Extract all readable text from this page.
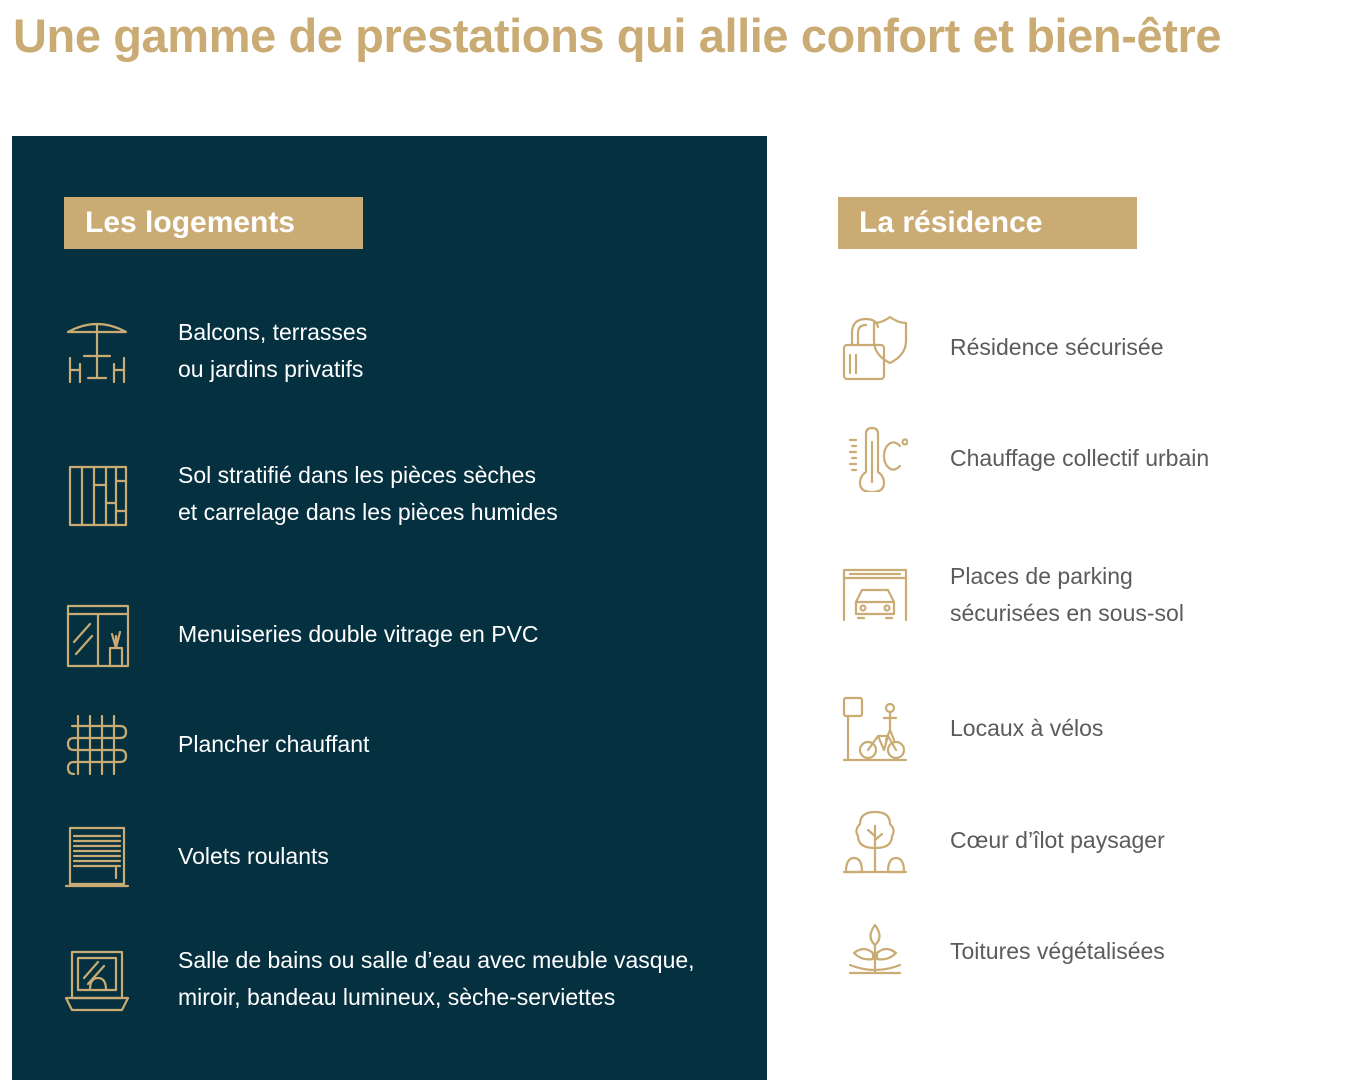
Une gamme de prestations qui allie confort et bien-être
Les logements
Balcons, terrasses
ou jardins privatifs
Sol stratifié dans les pièces sèches
et carrelage dans les pièces humides
Menuiseries double vitrage en PVC
Plancher chauffant
Volets roulants
Salle de bains ou salle d’eau avec meuble vasque,
miroir, bandeau lumineux, sèche-serviettes
La résidence
Résidence sécurisée
Chauffage collectif urbain
Places de parking
sécurisées en sous-sol
Locaux à vélos
Cœur d’îlot paysager
Toitures végétalisées
